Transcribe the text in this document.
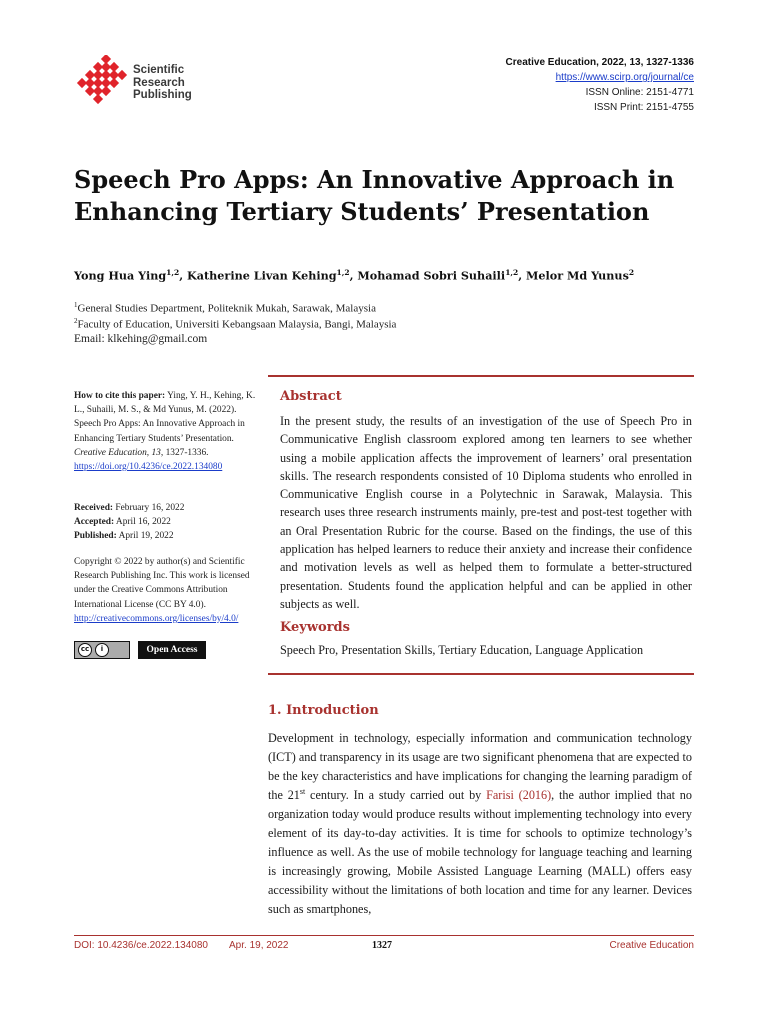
Scientific
Research
Publishing
Creative Education, 2022, 13, 1327-1336
https://www.scirp.org/journal/ce
ISSN Online: 2151-4771
ISSN Print: 2151-4755
Speech Pro Apps: An Innovative Approach in
Enhancing Tertiary Students’ Presentation
Yong Hua Ying$^{1,2}$, Katherine Livan Kehing$^{1,2}$, Mohamad Sobri Suhaili$^{1,2}$, Melor Md Yunus$^2$
$^1$General Studies Department, Politeknik Mukah, Sarawak, Malaysia
$^2$Faculty of Education, Universiti Kebangsaan Malaysia, Bangi, Malaysia
Email: klkehing@gmail.com

How to cite this paper: Ying, Y. H., Kehing, K. L., Suhaili, M. S., & Md Yunus, M. (2022). Speech Pro Apps: An Innovative Approach in Enhancing Tertiary Students’ Presentation. Creative Education, 13, 1327-1336.

https://doi.org/10.4236/ce.2022.134080

Received: February 16, 2022

Accepted: April 16, 2022

Published: April 19, 2022

Copyright © 2022 by author(s) and Scientific Research Publishing Inc. This work is licensed under the Creative Commons Attribution International License (CC BY 4.0).

http://creativecommons.org/licenses/by/4.0/

cc	i	Open Access
Abstract

In the present study, the results of an investigation of the use of Speech Pro in Communicative English classroom explored among ten learners to see whether using a mobile application affects the improvement of learners’ oral presentation skills. The research respondents consisted of 10 Diploma students who enrolled in Communicative English course in a Polytechnic in Sarawak, Malaysia. This research uses three research instruments mainly, pre-test and post-test together with an Oral Presentation Rubric for the course. Based on the findings, the use of this application has helped learners to reduce their anxiety and increase their confidence and motivation levels as well as helped them to formulate a better-structured presentation. Students found the application helpful and can be applied in other subjects as well.

Keywords
Speech Pro, Presentation Skills, Tertiary Education, Language Application
1. Introduction

Development in technology, especially information and communication technology (ICT) and transparency in its usage are two significant phenomena that are expected to be the key characteristics and have implications for changing the learning paradigm of the 21st century. In a study carried out by Farisi (2016), the author implied that no organization today would produce results without implementing technology into every element of its day-to-day activities. It is time for schools to optimize technology’s influence as well. As the use of mobile technology for language teaching and learning is increasingly growing, Mobile Assisted Language Learning (MALL) offers easy accessibility without the limitations of both location and time for any learner. Devices such as smartphones,

DOI: 10.4236/ce.2022.134080 Apr. 19, 2022	1327	Creative Education
